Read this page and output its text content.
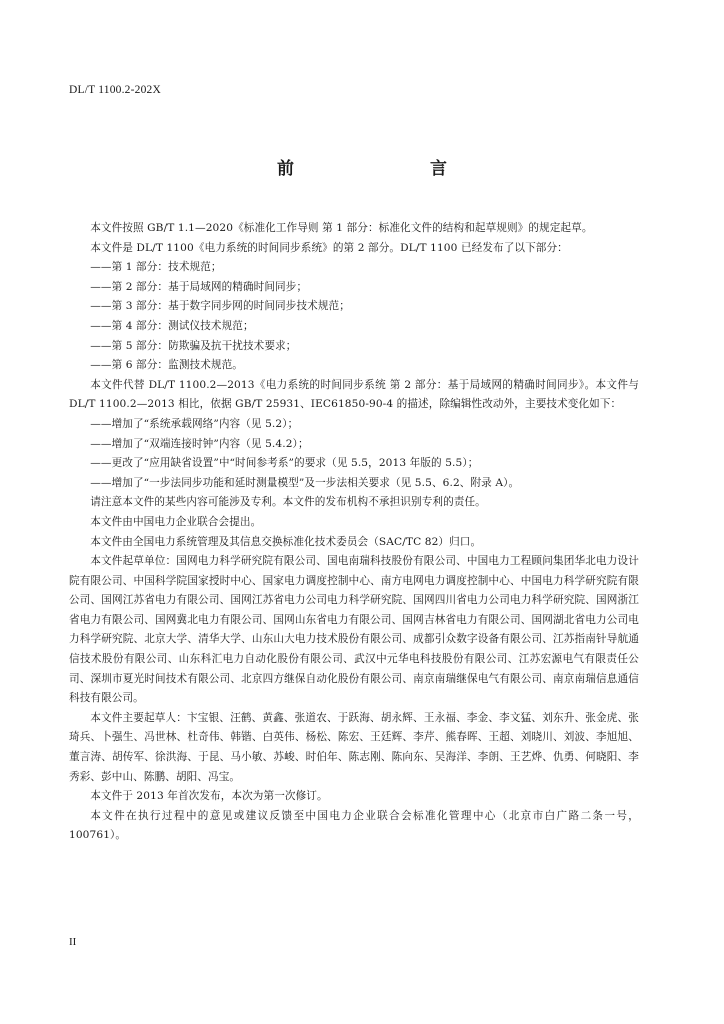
DL/T 1100.2-202X
前　　言

本文件按照 GB/T 1.1—2020《标准化工作导则 第 1 部分：标准化文件的结构和起草规则》的规定起草。

本文件是 DL/T 1100《电力系统的时间同步系统》的第 2 部分。DL/T 1100 已经发布了以下部分：

——第 1 部分：技术规范；

——第 2 部分：基于局域网的精确时间同步；

——第 3 部分：基于数字同步网的时间同步技术规范；

——第 4 部分：测试仪技术规范；

——第 5 部分：防欺骗及抗干扰技术要求；

——第 6 部分：监测技术规范。

本文件代替 DL/T 1100.2—2013《电力系统的时间同步系统 第 2 部分：基于局域网的精确时间同步》。本文件与 DL/T 1100.2—2013 相比，依据 GB/T 25931、IEC61850-90-4 的描述，除编辑性改动外，主要技术变化如下：

——增加了“系统承载网络”内容（见 5.2）；

——增加了“双端连接时钟”内容（见 5.4.2）；

——更改了“应用缺省设置”中“时间参考系”的要求（见 5.5，2013 年版的 5.5）；

——增加了“一步法同步功能和延时测量模型”及一步法相关要求（见 5.5、6.2、附录 A）。

请注意本文件的某些内容可能涉及专利。本文件的发布机构不承担识别专利的责任。

本文件由中国电力企业联合会提出。

本文件由全国电力系统管理及其信息交换标准化技术委员会（SAC/TC 82）归口。

本文件起草单位：国网电力科学研究院有限公司、国电南瑞科技股份有限公司、中国电力工程顾问集团华北电力设计院有限公司、中国科学院国家授时中心、国家电力调度控制中心、南方电网电力调度控制中心、中国电力科学研究院有限公司、国网江苏省电力有限公司、国网江苏省电力公司电力科学研究院、国网四川省电力公司电力科学研究院、国网浙江省电力有限公司、国网冀北电力有限公司、国网山东省电力有限公司、国网吉林省电力有限公司、国网湖北省电力公司电力科学研究院、北京大学、清华大学、山东山大电力技术股份有限公司、成都引众数字设备有限公司、江苏指南针导航通信技术股份有限公司、山东科汇电力自动化股份有限公司、武汉中元华电科技股份有限公司、江苏宏源电气有限责任公司、深圳市夏光时间技术有限公司、北京四方继保自动化股份有限公司、南京南瑞继保电气有限公司、南京南瑞信息通信科技有限公司。

本文件主要起草人：卞宝银、汪鹤、黄鑫、张道农、于跃海、胡永辉、王永福、李金、李文猛、刘东升、张金虎、张琦兵、卜强生、冯世林、杜奇伟、韩锴、白英伟、杨松、陈宏、王廷辉、李芹、熊春晖、王超、刘晓川、刘波、李旭旭、董言涛、胡传军、徐洪海、于昆、马小敏、苏峻、时伯年、陈志刚、陈向东、吴海洋、李朗、王艺烨、仇勇、何晓阳、李秀彩、彭中山、陈鹏、胡阳、冯宝。

本文件于 2013 年首次发布，本次为第一次修订。

本文件在执行过程中的意见或建议反馈至中国电力企业联合会标准化管理中心（北京市白广路二条一号，100761）。

II
